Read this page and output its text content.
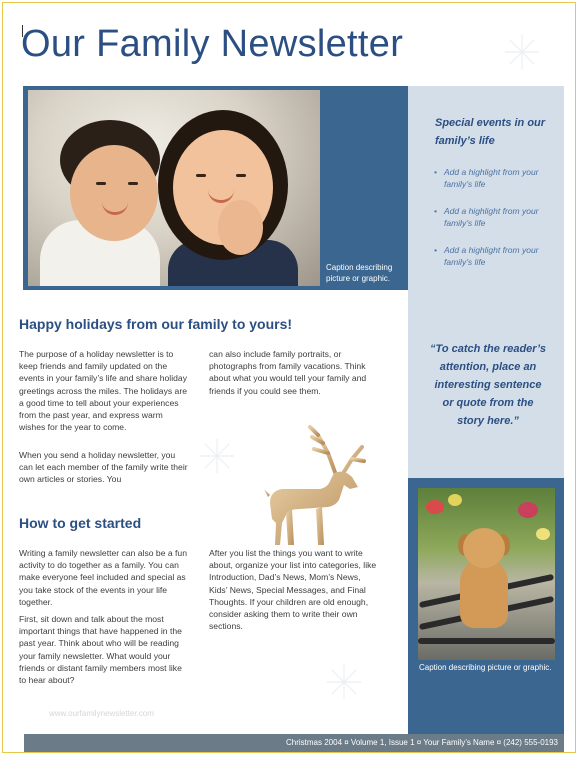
Our Family Newsletter
Caption describing picture or graphic.
Special events in our family’s life
• Add a highlight from your family’s life
• Add a highlight from your family’s life
• Add a highlight from your family’s life
“To catch the reader’s attention, place an interesting sentence or quote from the story here.”
Caption describing picture or graphic.
Happy holidays from our family to yours!

The purpose of a holiday newsletter is to keep friends and family updated on the events in your family’s life and share holiday greetings across the miles. The holidays are a good time to tell about your experiences from the past year, and express warm wishes for the year to come.

When you send a holiday newsletter, you can let each member of the family write their own articles or stories. You

can also include family portraits, or photographs from family vacations. Think about what you would tell your family and friends if you could see them.

How to get started

Writing a family newsletter can also be a fun activity to do together as a family. You can make everyone feel included and special as you take stock of the events in your life together.

First, sit down and talk about the most important things that have happened in the past year. Think about who will be reading your family newsletter. What would your friends or distant family members most like to hear about?

After you list the things you want to write about, organize your list into categories, like Introduction, Dad’s News, Mom’s News, Kids’ News, Special Messages, and Final Thoughts. If your children are old enough, consider asking them to write their own sections.

www.ourfamilynewsletter.com
Christmas 2004 ¤ Volume 1, Issue 1 ¤ Your Family’s Name ¤ (242) 555-0193
